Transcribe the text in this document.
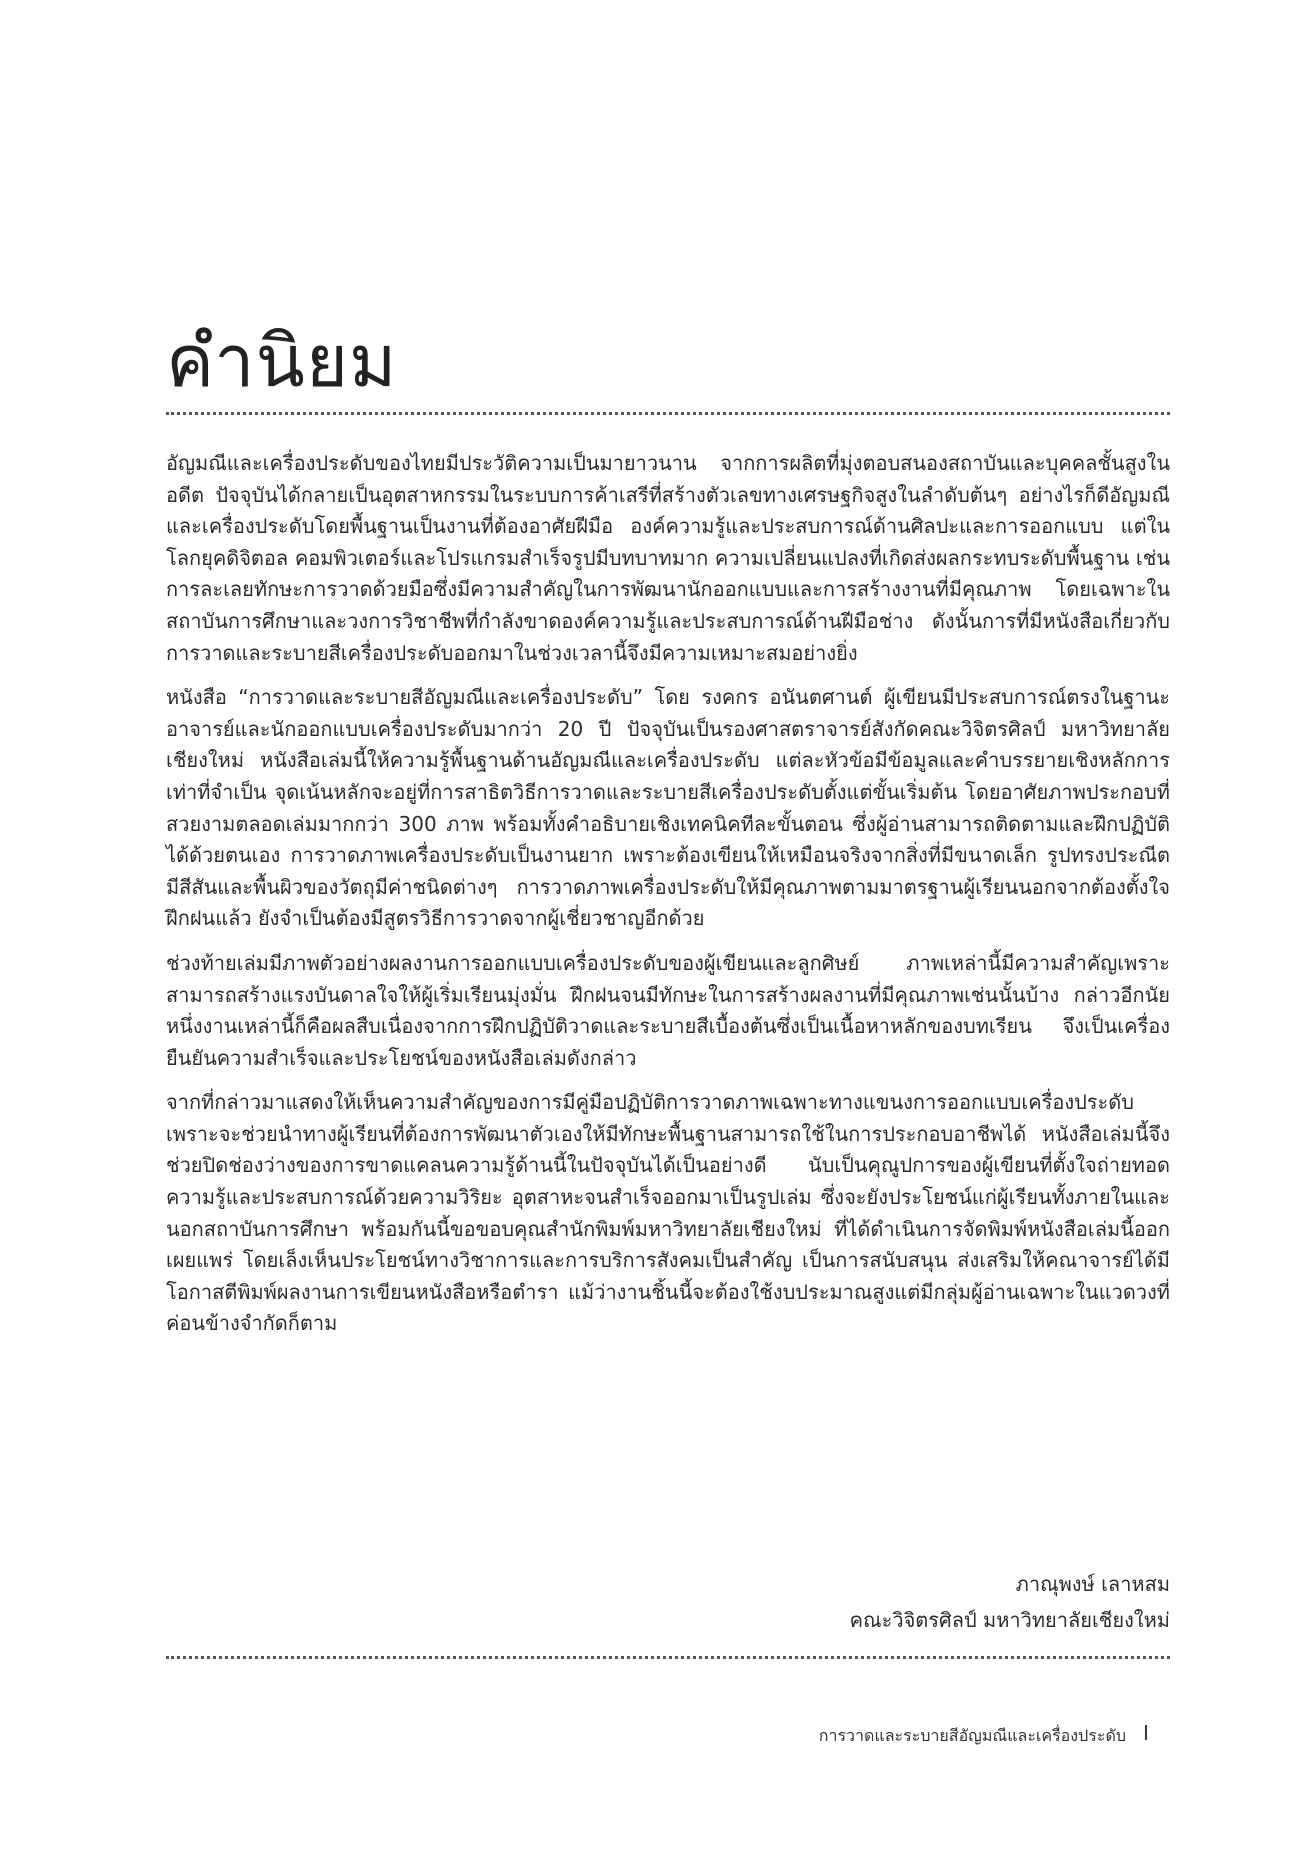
คำนิยม

อัญมณีและเครื่องประดับของไทยมีประวัติความเป็นมายาวนาน จากการผลิตที่มุ่งตอบสนองสถาบันและบุคคลชั้นสูงในอดีต ปัจจุบันได้กลายเป็นอุตสาหกรรมในระบบการค้าเสรีที่สร้างตัวเลขทางเศรษฐกิจสูงในลำดับต้นๆ อย่างไรก็ดีอัญมณีและเครื่องประดับโดยพื้นฐานเป็นงานที่ต้องอาศัยฝีมือ องค์ความรู้และประสบการณ์ด้านศิลปะและการออกแบบ แต่ในโลกยุคดิจิตอล คอมพิวเตอร์และโปรแกรมสำเร็จรูปมีบทบาทมาก ความเปลี่ยนแปลงที่เกิดส่งผลกระทบระดับพื้นฐาน เช่น การละเลยทักษะการวาดด้วยมือซึ่งมีความสำคัญในการพัฒนานักออกแบบและการสร้างงานที่มีคุณภาพ โดยเฉพาะในสถาบันการศึกษาและวงการวิชาชีพที่กำลังขาดองค์ความรู้และประสบการณ์ด้านฝีมือช่าง ดังนั้นการที่มีหนังสือเกี่ยวกับการวาดและระบายสีเครื่องประดับออกมาในช่วงเวลานี้จึงมีความเหมาะสมอย่างยิ่ง

หนังสือ “การวาดและระบายสีอัญมณีและเครื่องประดับ” โดย รงคกร อนันตศานต์ ผู้เขียนมีประสบการณ์ตรงในฐานะอาจารย์และนักออกแบบเครื่องประดับมากว่า 20 ปี ปัจจุบันเป็นรองศาสตราจารย์สังกัดคณะวิจิตรศิลป์ มหาวิทยาลัยเชียงใหม่ หนังสือเล่มนี้ให้ความรู้พื้นฐานด้านอัญมณีและเครื่องประดับ แต่ละหัวข้อมีข้อมูลและคำบรรยายเชิงหลักการเท่าที่จำเป็น จุดเน้นหลักจะอยู่ที่การสาธิตวิธีการวาดและระบายสีเครื่องประดับตั้งแต่ขั้นเริ่มต้น โดยอาศัยภาพประกอบที่สวยงามตลอดเล่มมากกว่า 300 ภาพ พร้อมทั้งคำอธิบายเชิงเทคนิคทีละขั้นตอน ซึ่งผู้อ่านสามารถติดตามและฝึกปฏิบัติได้ด้วยตนเอง การวาดภาพเครื่องประดับเป็นงานยาก เพราะต้องเขียนให้เหมือนจริงจากสิ่งที่มีขนาดเล็ก รูปทรงประณีต มีสีสันและพื้นผิวของวัตถุมีค่าชนิดต่างๆ การวาดภาพเครื่องประดับให้มีคุณภาพตามมาตรฐานผู้เรียนนอกจากต้องตั้งใจฝึกฝนแล้ว ยังจำเป็นต้องมีสูตรวิธีการวาดจากผู้เชี่ยวชาญอีกด้วย

ช่วงท้ายเล่มมีภาพตัวอย่างผลงานการออกแบบเครื่องประดับของผู้เขียนและลูกศิษย์ ภาพเหล่านี้มีความสำคัญเพราะสามารถสร้างแรงบันดาลใจให้ผู้เริ่มเรียนมุ่งมั่น ฝึกฝนจนมีทักษะในการสร้างผลงานที่มีคุณภาพเช่นนั้นบ้าง กล่าวอีกนัยหนึ่งงานเหล่านี้ก็คือผลสืบเนื่องจากการฝึกปฏิบัติวาดและระบายสีเบื้องต้นซึ่งเป็นเนื้อหาหลักของบทเรียน จึงเป็นเครื่องยืนยันความสำเร็จและประโยชน์ของหนังสือเล่มดังกล่าว

จากที่กล่าวมาแสดงให้เห็นความสำคัญของการมีคู่มือปฏิบัติการวาดภาพเฉพาะทางแขนงการออกแบบเครื่องประดับ เพราะจะช่วยนำทางผู้เรียนที่ต้องการพัฒนาตัวเองให้มีทักษะพื้นฐานสามารถใช้ในการประกอบอาชีพได้ หนังสือเล่มนี้จึงช่วยปิดช่องว่างของการขาดแคลนความรู้ด้านนี้ในปัจจุบันได้เป็นอย่างดี นับเป็นคุณูปการของผู้เขียนที่ตั้งใจถ่ายทอดความรู้และประสบการณ์ด้วยความวิริยะ อุตสาหะจนสำเร็จออกมาเป็นรูปเล่ม ซึ่งจะยังประโยชน์แก่ผู้เรียนทั้งภายในและนอกสถาบันการศึกษา พร้อมกันนี้ขอขอบคุณสำนักพิมพ์มหาวิทยาลัยเชียงใหม่ ที่ได้ดำเนินการจัดพิมพ์หนังสือเล่มนี้ออกเผยแพร่ โดยเล็งเห็นประโยชน์ทางวิชาการและการบริการสังคมเป็นสำคัญ เป็นการสนับสนุน ส่งเสริมให้คณาจารย์ได้มีโอกาสตีพิมพ์ผลงานการเขียนหนังสือหรือตำรา แม้ว่างานชิ้นนี้จะต้องใช้งบประมาณสูงแต่มีกลุ่มผู้อ่านเฉพาะในแวดวงที่ค่อนข้างจำกัดก็ตาม

ภาณุพงษ์ เลาหสม
คณะวิจิตรศิลป์ มหาวิทยาลัยเชียงใหม่
การวาดและระบายสีอัญมณีและเครื่องประดับ I
